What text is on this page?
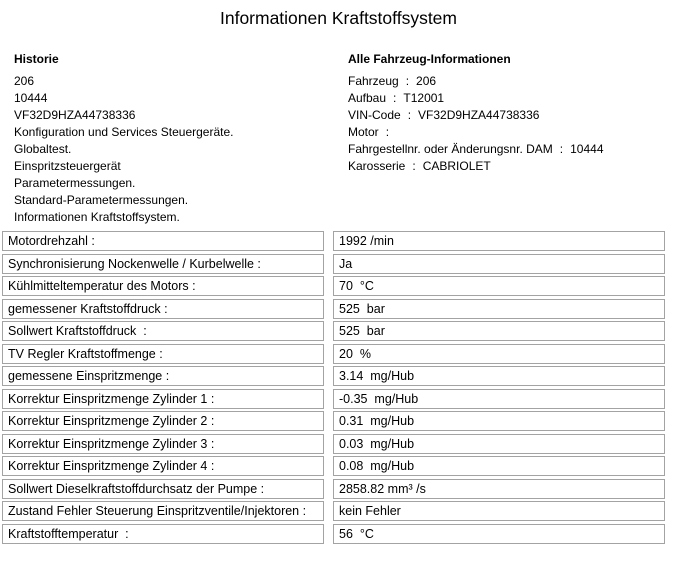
Informationen Kraftstoffsystem
Historie
206
10444
VF32D9HZA44738336
Konfiguration und Services Steuergeräte.
Globaltest.
Einspritzsteuergerät
Parametermessungen.
Standard-Parametermessungen.
Informationen Kraftstoffsystem.
Alle Fahrzeug-Informationen
Fahrzeug : 206
Aufbau : T12001
VIN-Code : VF32D9HZA44738336
Motor :
Fahrgestellnr. oder Änderungsnr. DAM : 10444
Karosserie : CABRIOLET
Motordrehzahl :	1992 /min
Synchronisierung Nockenwelle / Kurbelwelle :	Ja
Kühlmitteltemperatur des Motors :	70  °C
gemessener Kraftstoffdruck :	525  bar
Sollwert Kraftstoffdruck  :	525  bar
TV Regler Kraftstoffmenge :	20  %
gemessene Einspritzmenge :	3.14  mg/Hub
Korrektur Einspritzmenge Zylinder 1 :	-0.35  mg/Hub
Korrektur Einspritzmenge Zylinder 2 :	0.31  mg/Hub
Korrektur Einspritzmenge Zylinder 3 :	0.03  mg/Hub
Korrektur Einspritzmenge Zylinder 4 :	0.08  mg/Hub
Sollwert Dieselkraftstoffdurchsatz der Pumpe :	2858.82 mm³ /s
Zustand Fehler Steuerung Einspritzventile/Injektoren :	kein Fehler
Kraftstofftemperatur  :	56  °C
